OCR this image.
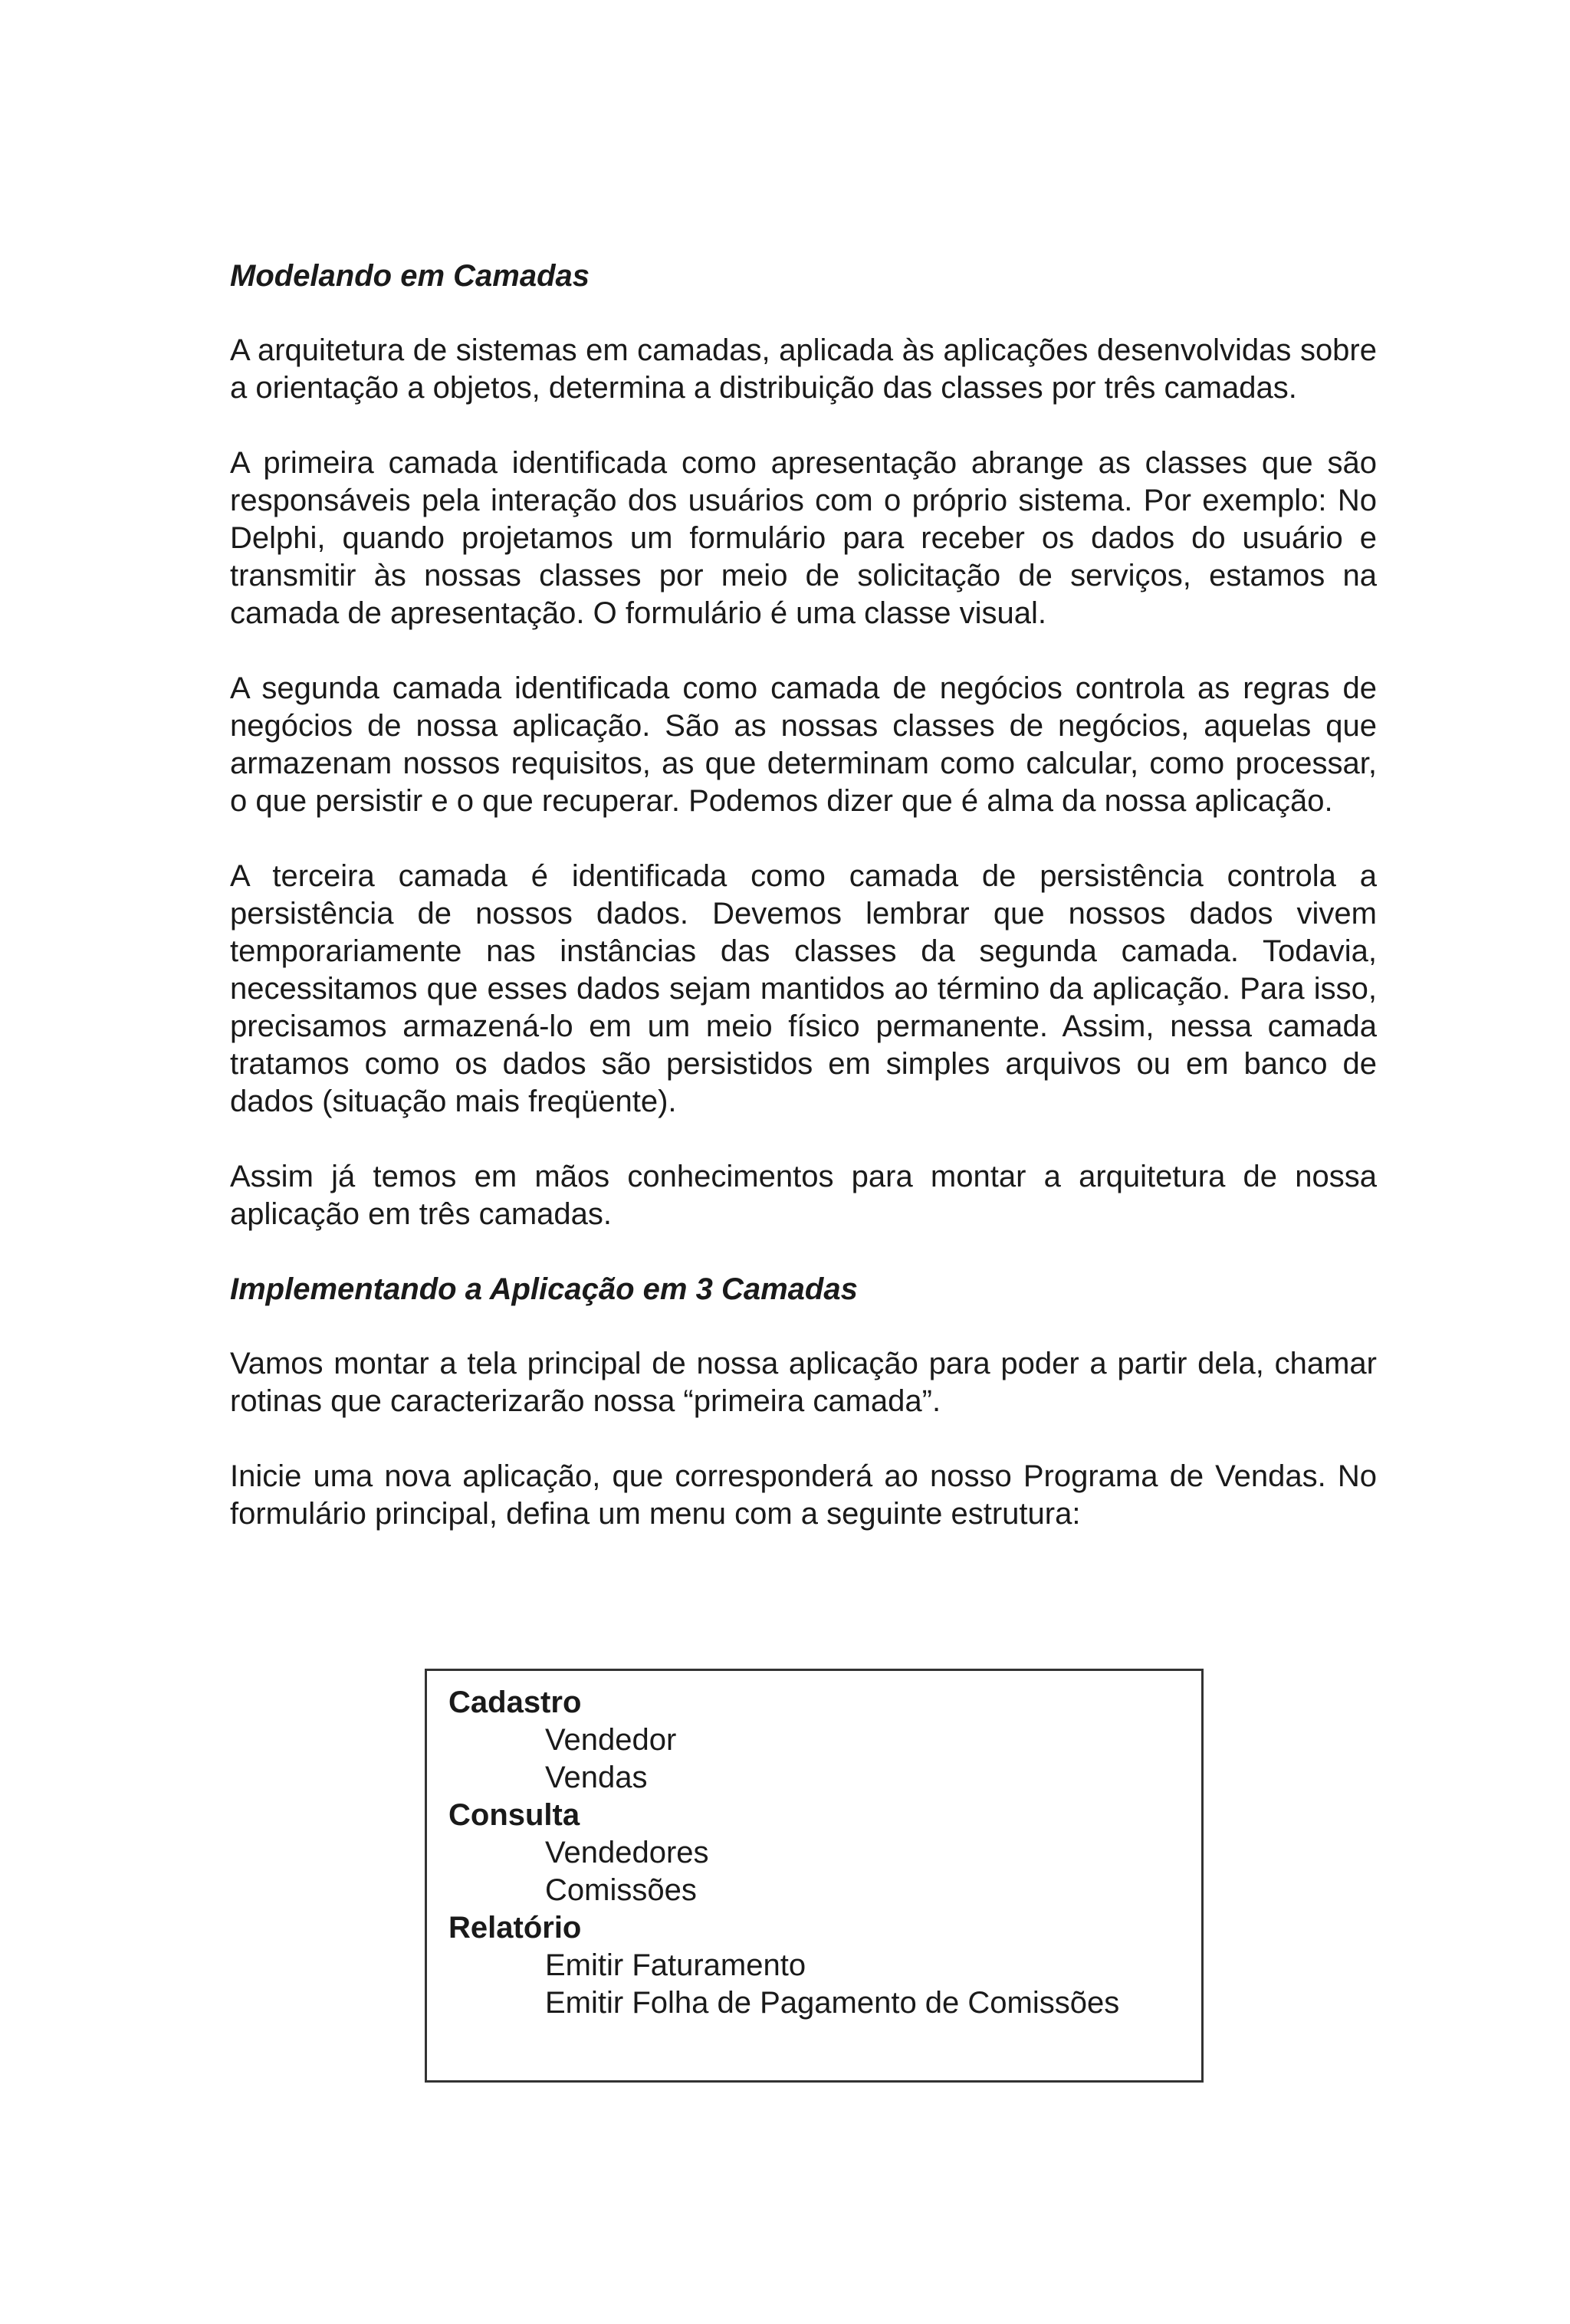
Modelando em Camadas

A arquitetura de sistemas em camadas, aplicada às aplicações desenvolvidas sobre a orientação a objetos, determina a distribuição das classes por três camadas.

A primeira camada identificada como apresentação abrange as classes que são responsáveis pela interação dos usuários com o próprio sistema. Por exemplo: No Delphi, quando projetamos um formulário para receber os dados do usuário e transmitir às nossas classes por meio de solicitação de serviços, estamos na camada de apresentação. O formulário é uma classe visual.

A segunda camada identificada como camada de negócios controla as regras de negócios de nossa aplicação. São as nossas classes de negócios, aquelas que armazenam nossos requisitos, as que determinam como calcular, como processar, o que persistir e o que recuperar. Podemos dizer que é alma da nossa aplicação.

A terceira camada é identificada como camada de persistência controla a persistência de nossos dados. Devemos lembrar que nossos dados vivem temporariamente nas instâncias das classes da segunda camada. Todavia, necessitamos que esses dados sejam mantidos ao término da aplicação. Para isso, precisamos armazená-lo em um meio físico permanente. Assim, nessa camada tratamos como os dados são persistidos em simples arquivos ou em banco de dados (situação mais freqüente).

Assim já temos em mãos conhecimentos para montar a arquitetura de nossa aplicação em três camadas.

Implementando a Aplicação em 3 Camadas

Vamos montar a tela principal de nossa aplicação para poder a partir dela, chamar rotinas que caracterizarão nossa “primeira camada”.

Inicie uma nova aplicação, que corresponderá ao nosso Programa de Vendas. No formulário principal, defina um menu com a seguinte estrutura:

Cadastro
Vendedor
Vendas
Consulta
Vendedores
Comissões
Relatório
Emitir Faturamento
Emitir Folha de Pagamento de Comissões
